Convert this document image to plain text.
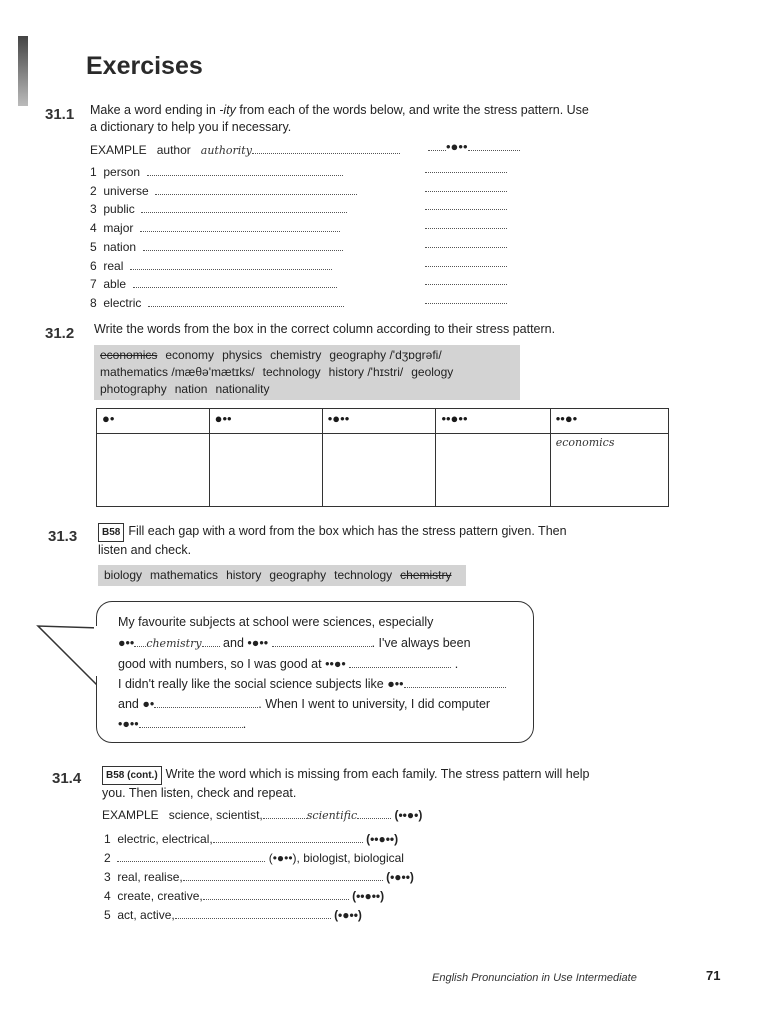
Exercises
31.1 Make a word ending in -ity from each of the words below, and write the stress pattern. Use
a dictionary to help you if necessary.
EXAMPLE author authority	•●••
1 person
2 universe
3 public
4 major
5 nation
6 real
7 able
8 electric
31.2 Write the words from the box in the correct column according to their stress pattern.
economics economy physics chemistry geography /'dʒɒɡrəfi/
mathematics /mæθə'mætɪks/ technology history /'hɪstri/ geology
photography nation nationality
●•	●••	•●••	••●••	••●•
				economics
31.3	B58 Fill each gap with a word from the box which has the stress pattern given. Then
listen and check.
biology mathematics history geography technology chemistry
My favourite subjects at school were sciences, especially
●•• chemistry and •●••	. I've always been
good with numbers, so I was good at ••●•	.
I didn't really like the social science subjects like ●••
and ●•	. When I went to university, I did computer
•●••	.
31.4	B58 (cont.) Write the word which is missing from each family. The stress pattern will help
you. Then listen, check and repeat.
EXAMPLE science, scientist,	scientific	(••●•)
1 electric, electrical,	(••●••)
2	(•●••), biologist, biological
3 real, realise,	(•●••)
4 create, creative,	(••●••)
5 act, active,	(•●••)
English Pronunciation in Use Intermediate	71
